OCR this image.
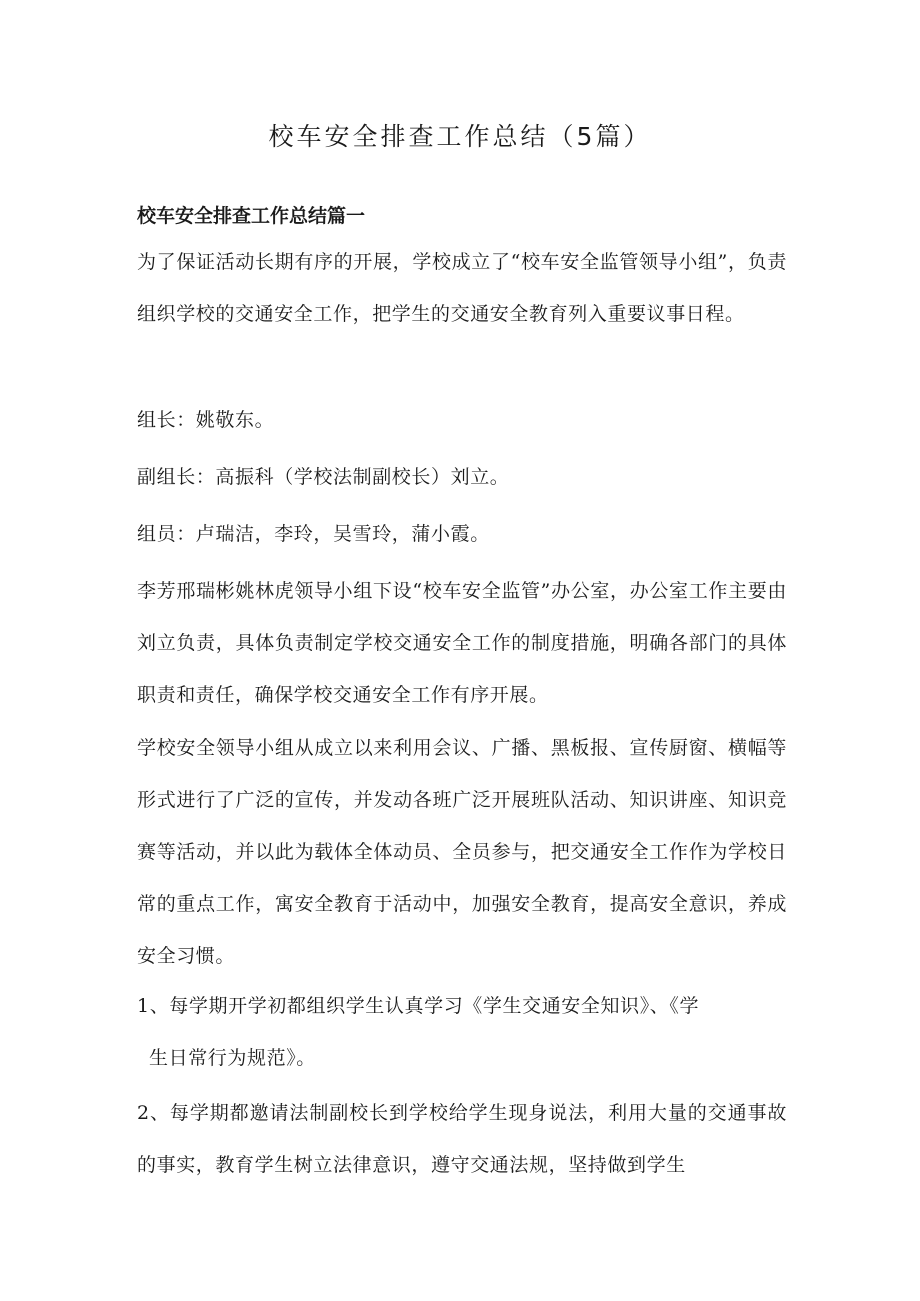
校车安全排查工作总结（5篇）
校车安全排查工作总结篇一

为了保证活动长期有序的开展，学校成立了“校车安全监管领导小组”，负责组织学校的交通安全工作，把学生的交通安全教育列入重要议事日程。

组长：姚敬东。

副组长：高振科（学校法制副校长）刘立。

组员：卢瑞洁，李玲，吴雪玲，蒲小霞。

李芳邢瑞彬姚林虎领导小组下设“校车安全监管”办公室，办公室工作主要由刘立负责，具体负责制定学校交通安全工作的制度措施，明确各部门的具体职责和责任，确保学校交通安全工作有序开展。

学校安全领导小组从成立以来利用会议、广播、黑板报、宣传厨窗、横幅等形式进行了广泛的宣传，并发动各班广泛开展班队活动、知识讲座、知识竞赛等活动，并以此为载体全体动员、全员参与，把交通安全工作作为学校日常的重点工作，寓安全教育于活动中，加强安全教育，提高安全意识，养成安全习惯。

1、每学期开学初都组织学生认真学习《学生交通安全知识》、《学
生日常行为规范》。

2、每学期都邀请法制副校长到学校给学生现身说法，利用大量的交通事故的事实，教育学生树立法律意识，遵守交通法规，坚持做到学生
